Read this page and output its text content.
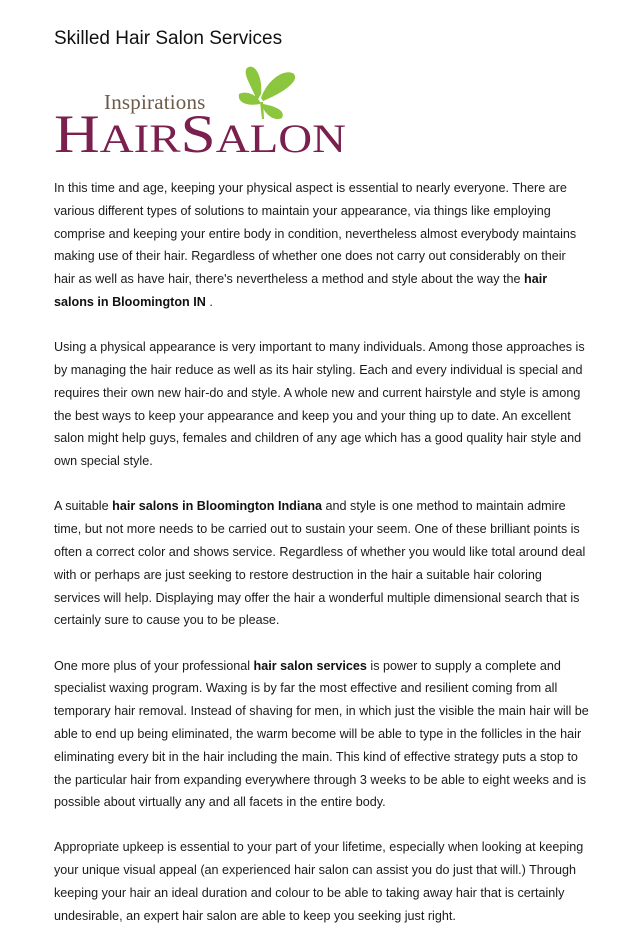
Skilled Hair Salon Services
Inspirations
H AIR S ALON

In this time and age, keeping your physical aspect is essential to nearly everyone. There are various different types of solutions to maintain your appearance, via things like employing comprise and keeping your entire body in condition, nevertheless almost everybody maintains making use of their hair. Regardless of whether one does not carry out considerably on their hair as well as have hair, there's nevertheless a method and style about the way the hair salons in Bloomington IN .

Using a physical appearance is very important to many individuals. Among those approaches is by managing the hair reduce as well as its hair styling. Each and every individual is special and requires their own new hair-do and style. A whole new and current hairstyle and style is among the best ways to keep your appearance and keep you and your thing up to date. An excellent salon might help guys, females and children of any age which has a good quality hair style and own special style.

A suitable hair salons in Bloomington Indiana and style is one method to maintain admire time, but not more needs to be carried out to sustain your seem. One of these brilliant points is often a correct color and shows service. Regardless of whether you would like total around deal with or perhaps are just seeking to restore destruction in the hair a suitable hair coloring services will help. Displaying may offer the hair a wonderful multiple dimensional search that is certainly sure to cause you to be please.

One more plus of your professional hair salon services is power to supply a complete and specialist waxing program. Waxing is by far the most effective and resilient coming from all temporary hair removal. Instead of shaving for men, in which just the visible the main hair will be able to end up being eliminated, the warm become will be able to type in the follicles in the hair eliminating every bit in the hair including the main. This kind of effective strategy puts a stop to the particular hair from expanding everywhere through 3 weeks to be able to eight weeks and is possible about virtually any and all facets in the entire body.

Appropriate upkeep is essential to your part of your lifetime, especially when looking at keeping your unique visual appeal (an experienced hair salon can assist you do just that will.) Through keeping your hair an ideal duration and colour to be able to taking away hair that is certainly undesirable, an expert hair salon are able to keep you seeking just right.
